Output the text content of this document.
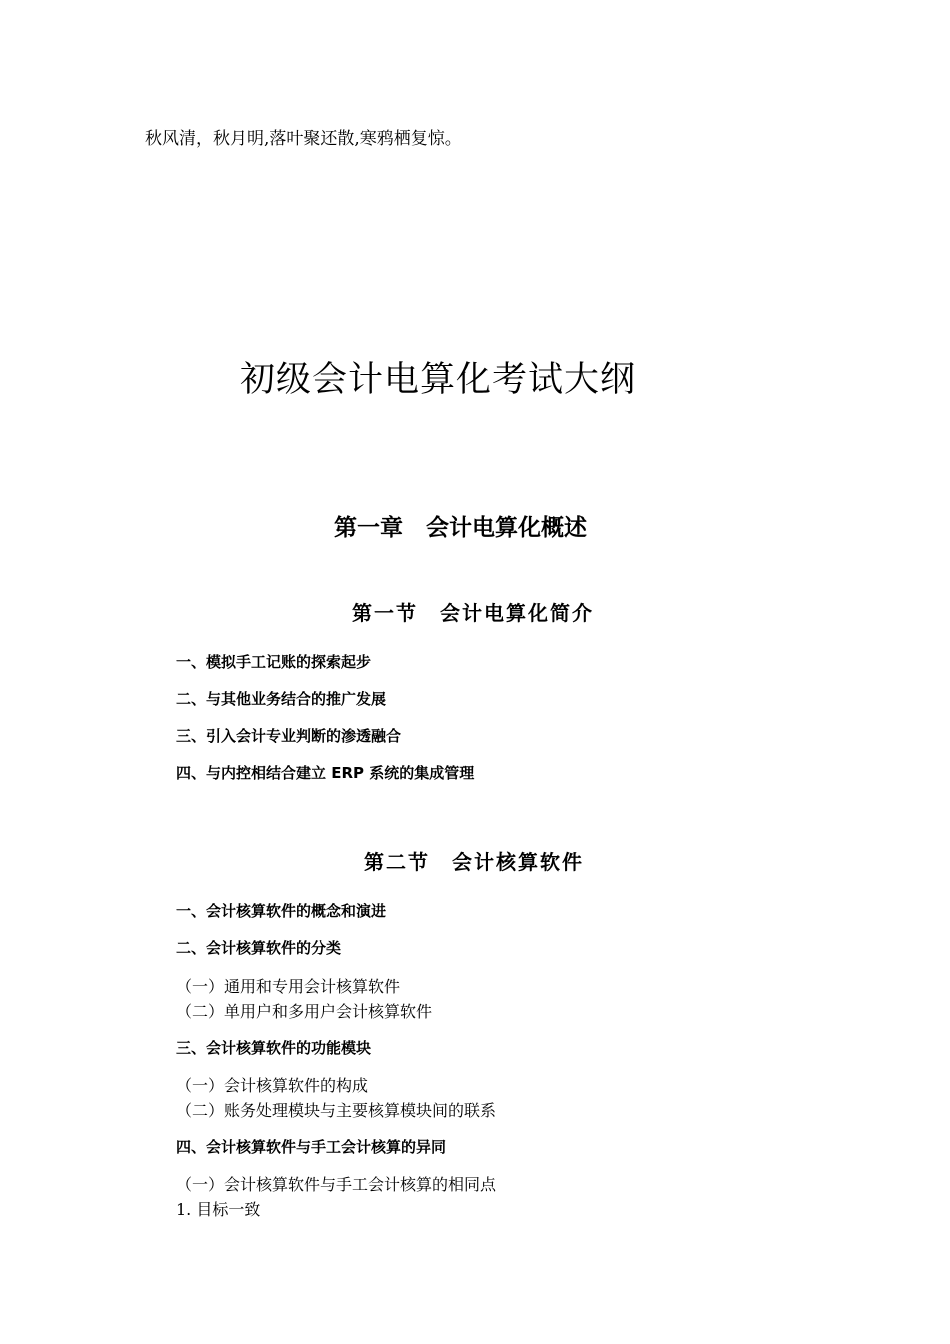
秋风清，秋月明,落叶聚还散,寒鸦栖复惊。
初级会计电算化考试大纲
第一章　会计电算化概述
第一节　会计电算化简介
一、模拟手工记账的探索起步
二、与其他业务结合的推广发展
三、引入会计专业判断的渗透融合
四、与内控相结合建立 ERP 系统的集成管理
第二节　会计核算软件
一、会计核算软件的概念和演进
二、会计核算软件的分类
（一）通用和专用会计核算软件
（二）单用户和多用户会计核算软件
三、会计核算软件的功能模块
（一）会计核算软件的构成
（二）账务处理模块与主要核算模块间的联系
四、会计核算软件与手工会计核算的异同
（一）会计核算软件与手工会计核算的相同点
1. 目标一致
